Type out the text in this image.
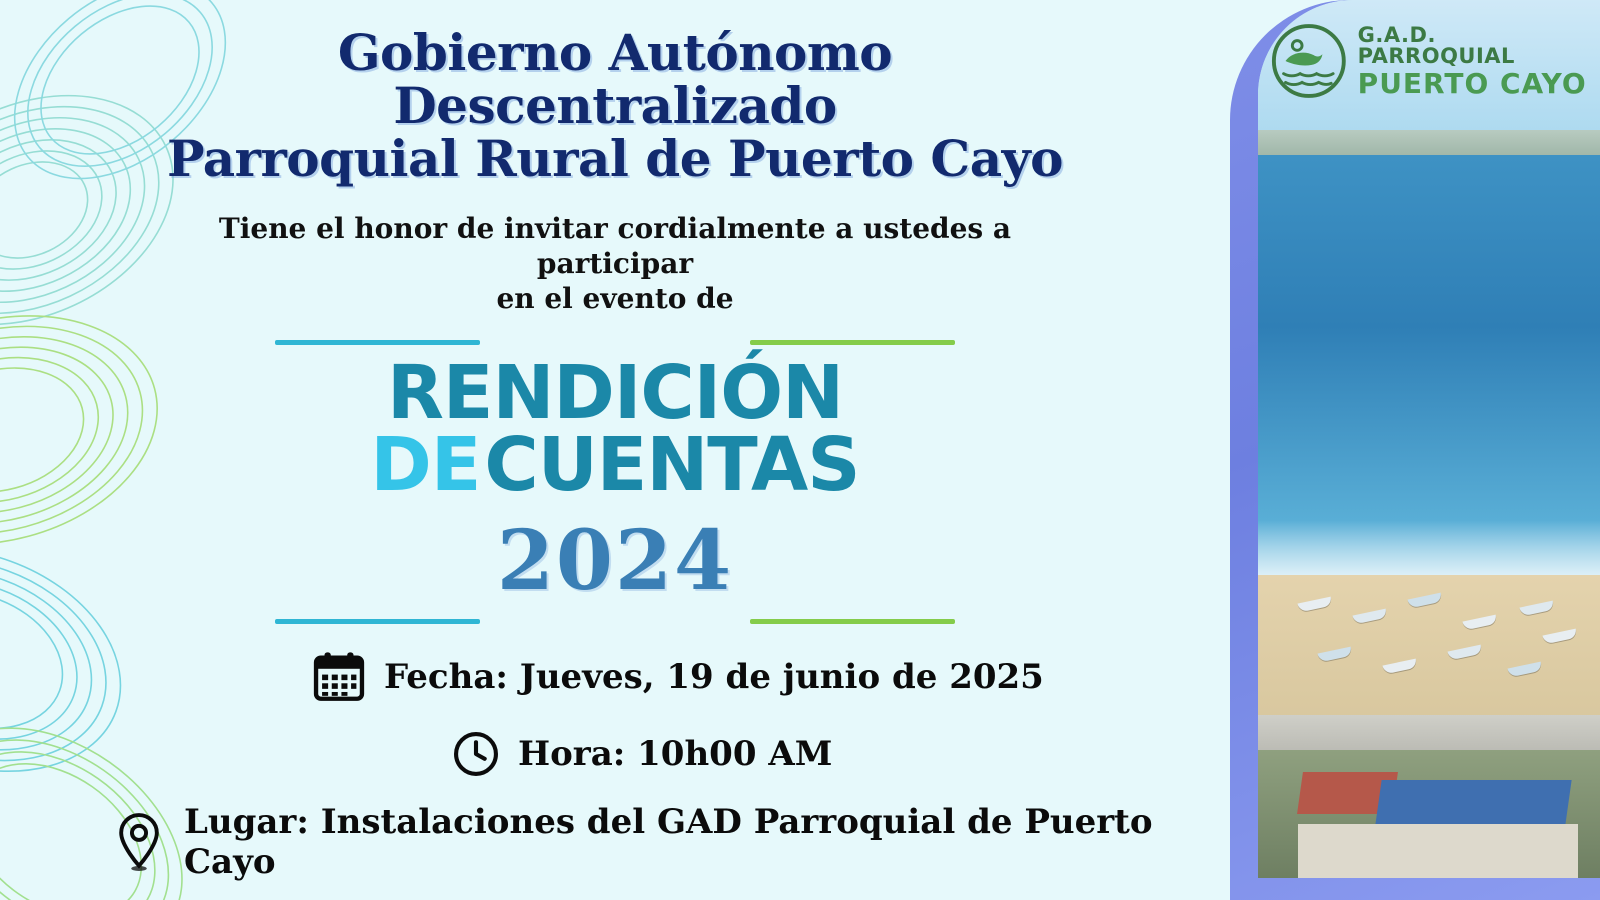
Gobierno Autónomo Descentralizado
Parroquial Rural de Puerto Cayo
Tiene el honor de invitar cordialmente a ustedes a participar
en el evento de
RENDICIÓN
DECUENTAS
2024
Fecha: Jueves, 19 de junio de 2025
Hora: 10h00 AM
Lugar: Instalaciones del GAD Parroquial de Puerto Cayo
G.A.D. PARROQUIAL
PUERTO CAYO
